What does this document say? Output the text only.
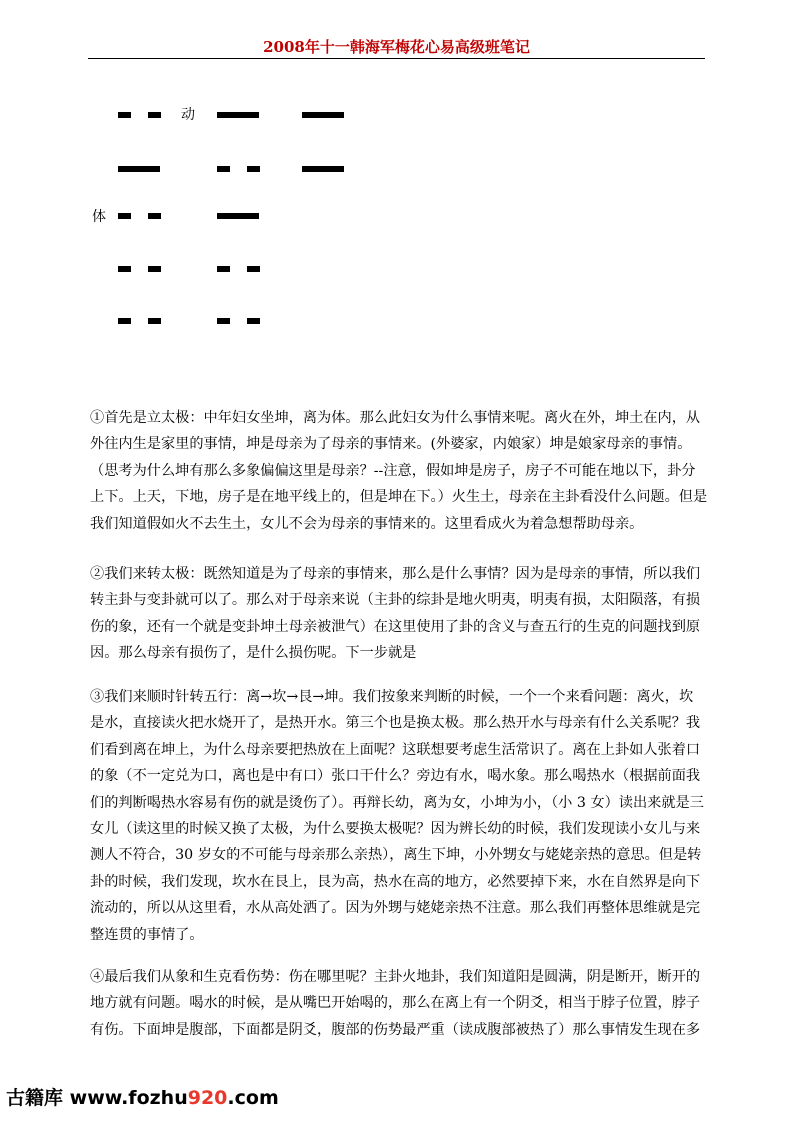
2008年十一韩海军梅花心易高级班笔记
动
体
①首先是立太极：中年妇女坐坤，离为体。那么此妇女为什么事情来呢。离火在外，坤土在内，从
外往内生是家里的事情，坤是母亲为了母亲的事情来。(外婆家，内娘家）坤是娘家母亲的事情。
（思考为什么坤有那么多象偏偏这里是母亲？--注意，假如坤是房子，房子不可能在地以下，卦分
上下。上天，下地，房子是在地平线上的，但是坤在下。）火生土，母亲在主卦看没什么问题。但是
我们知道假如火不去生土，女儿不会为母亲的事情来的。这里看成火为着急想帮助母亲。
②我们来转太极：既然知道是为了母亲的事情来，那么是什么事情？因为是母亲的事情，所以我们
转主卦与变卦就可以了。那么对于母亲来说（主卦的综卦是地火明夷，明夷有损，太阳陨落，有损
伤的象，还有一个就是变卦坤土母亲被泄气）在这里使用了卦的含义与查五行的生克的问题找到原
因。那么母亲有损伤了，是什么损伤呢。下一步就是
③我们来顺时针转五行：离→坎→艮→坤。我们按象来判断的时候，一个一个来看问题：离火，坎
是水，直接读火把水烧开了，是热开水。第三个也是换太极。那么热开水与母亲有什么关系呢？我
们看到离在坤上，为什么母亲要把热放在上面呢？这联想要考虑生活常识了。离在上卦如人张着口
的象（不一定兑为口，离也是中有口）张口干什么？旁边有水，喝水象。那么喝热水（根据前面我
们的判断喝热水容易有伤的就是烫伤了）。再辩长幼，离为女，小坤为小，（小 3 女）读出来就是三
女儿（读这里的时候又换了太极，为什么要换太极呢？因为辨长幼的时候，我们发现读小女儿与来
测人不符合，30 岁女的不可能与母亲那么亲热），离生下坤，小外甥女与姥姥亲热的意思。但是转
卦的时候，我们发现，坎水在艮上，艮为高，热水在高的地方，必然要掉下来，水在自然界是向下
流动的，所以从这里看，水从高处洒了。因为外甥与姥姥亲热不注意。那么我们再整体思维就是完
整连贯的事情了。
④最后我们从象和生克看伤势：伤在哪里呢？主卦火地卦，我们知道阳是圆满，阴是断开，断开的
地方就有问题。喝水的时候，是从嘴巴开始喝的，那么在离上有一个阴爻，相当于脖子位置，脖子
有伤。下面坤是腹部，下面都是阴爻，腹部的伤势最严重（读成腹部被热了）那么事情发生现在多
古籍库 www.fozhu920.com
